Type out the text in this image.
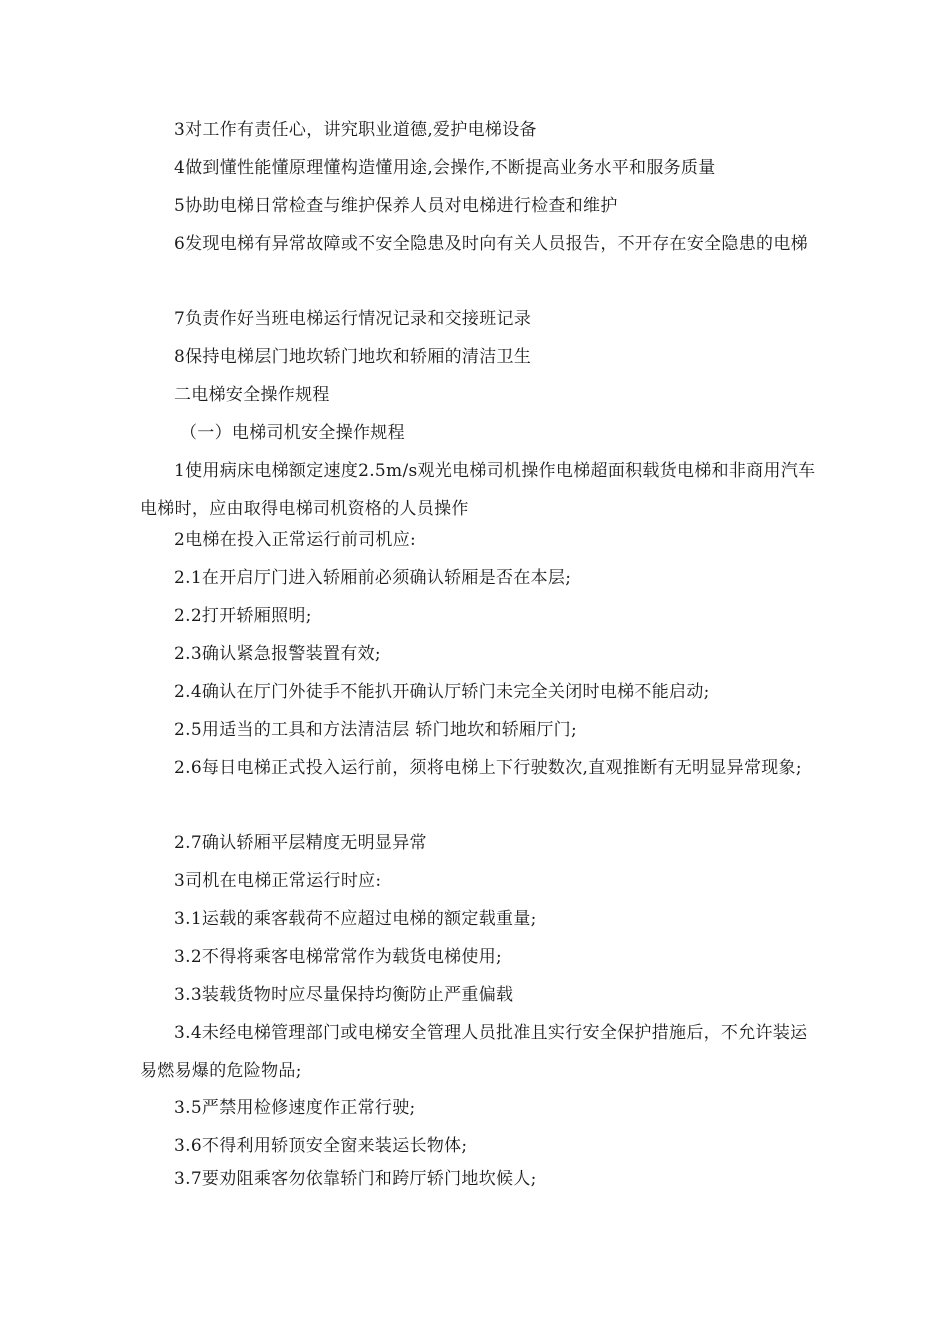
3对工作有责任心，讲究职业道德,爱护电梯设备

4做到懂性能懂原理懂构造懂用途,会操作,不断提高业务水平和服务质量

5协助电梯日常检查与维护保养人员对电梯进行检查和维护

6发现电梯有异常故障或不安全隐患及时向有关人员报告，不开存在安全隐患的电梯

7负责作好当班电梯运行情况记录和交接班记录

8保持电梯层门地坎轿门地坎和轿厢的清洁卫生

二电梯安全操作规程

（一）电梯司机安全操作规程

1使用病床电梯额定速度2.5m/s观光电梯司机操作电梯超面积载货电梯和非商用汽车电梯时，应由取得电梯司机资格的人员操作

2电梯在投入正常运行前司机应:

2.1在开启厅门进入轿厢前必须确认轿厢是否在本层;

2.2打开轿厢照明;

2.3确认紧急报警装置有效;

2.4确认在厅门外徒手不能扒开确认厅轿门未完全关闭时电梯不能启动;

2.5用适当的工具和方法清洁层 轿门地坎和轿厢厅门;

2.6每日电梯正式投入运行前，须将电梯上下行驶数次,直观推断有无明显异常现象;

2.7确认轿厢平层精度无明显异常

3司机在电梯正常运行时应:

3.1运载的乘客载荷不应超过电梯的额定载重量;

3.2不得将乘客电梯常常作为载货电梯使用;

3.3装载货物时应尽量保持均衡防止严重偏载

3.4未经电梯管理部门或电梯安全管理人员批准且实行安全保护措施后，不允许装运易燃易爆的危险物品;

3.5严禁用检修速度作正常行驶;

3.6不得利用轿顶安全窗来装运长物体;

3.7要劝阻乘客勿依靠轿门和跨厅轿门地坎候人;
